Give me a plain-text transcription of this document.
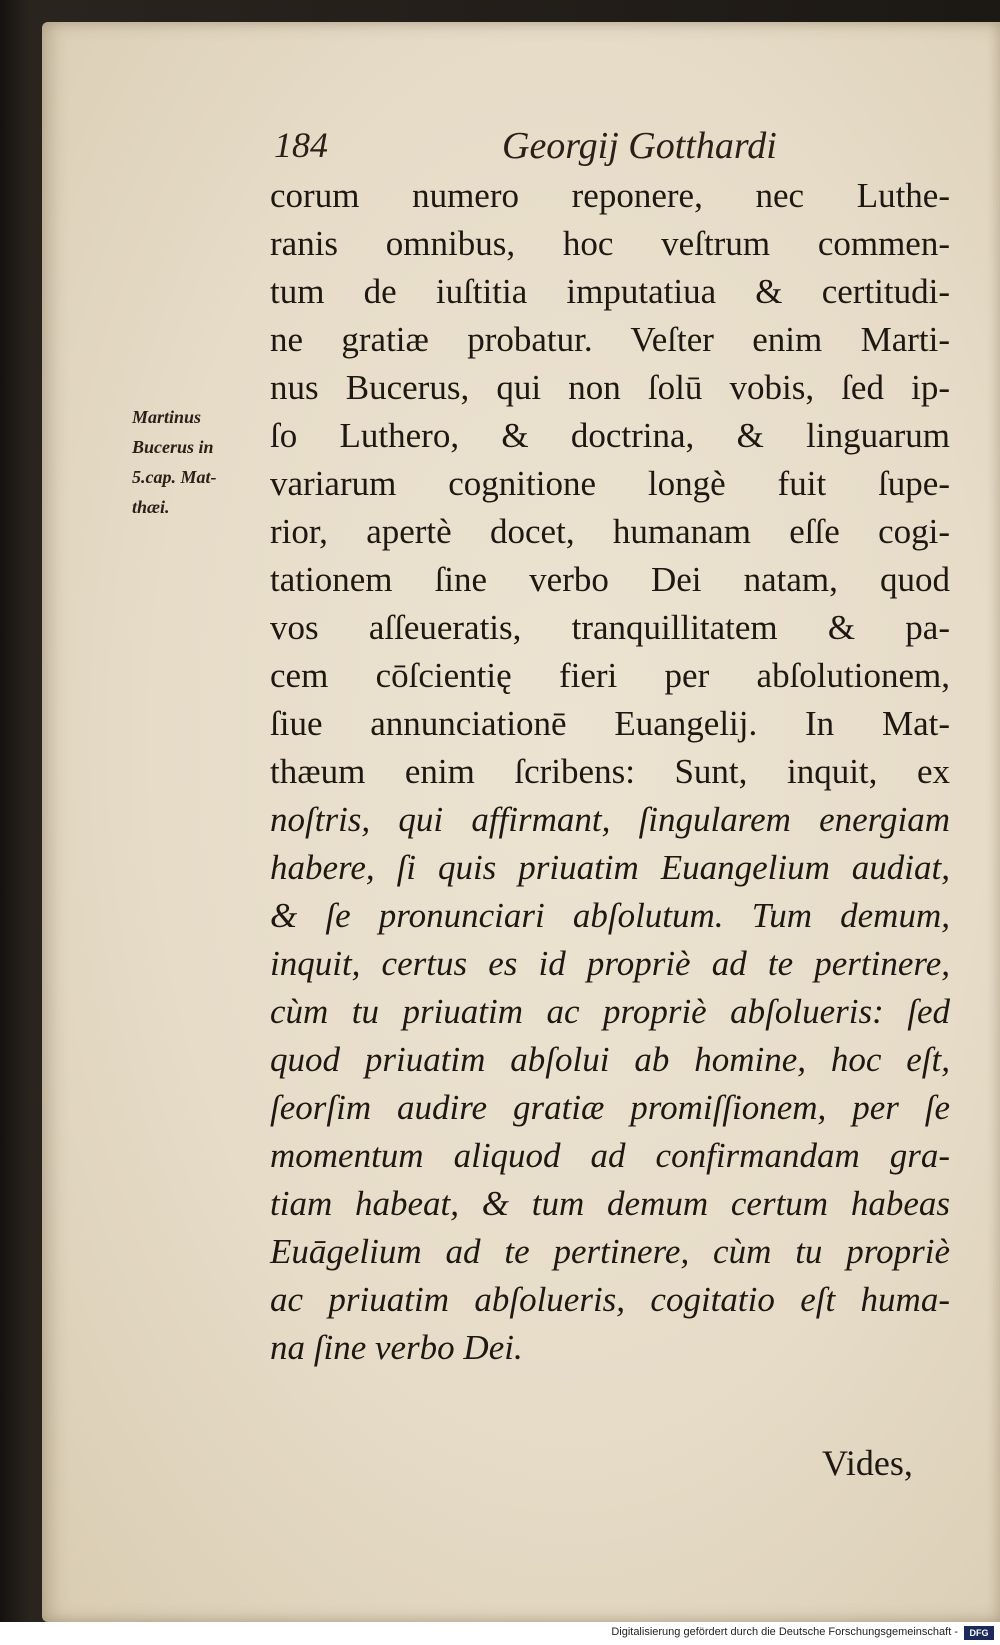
184	Georgij Gotthardi
Martinus
Bucerus in
5.cap. Mat-
thæi.
corum numero reponere, nec Luthe-
ranis omnibus, hoc veſtrum commen-
tum de iuſtitia imputatiua & certitudi-
ne gratiæ probatur. Veſter enim Marti-
nus Bucerus, qui non ſolū vobis, ſed ip-
ſo Luthero, & doctrina, & linguarum
variarum cognitione longè fuit ſupe-
rior, apertè docet, humanam eſſe cogi-
tationem ſine verbo Dei natam, quod
vos aſſeueratis, tranquillitatem & pa-
cem cōſcientię fieri per abſolutionem,
ſiue annunciationē Euangelij. In Mat-
thæum enim ſcribens: Sunt, inquit, ex
noſtris, qui affirmant, ſingularem energiam
habere, ſi quis priuatim Euangelium audiat,
& ſe pronunciari abſolutum. Tum demum,
inquit, certus es id propriè ad te pertinere,
cùm tu priuatim ac propriè abſolueris: ſed
quod priuatim abſolui ab homine, hoc eſt,
ſeorſim audire gratiæ promiſſionem, per ſe
momentum aliquod ad confirmandam gra-
tiam habeat, & tum demum certum habeas
Euāgelium ad te pertinere, cùm tu propriè
ac priuatim abſolueris, cogitatio eſt huma-
na ſine verbo Dei.
Vides,
Digitalisierung gefördert durch die Deutsche Forschungsgemeinschaft -	DFG
